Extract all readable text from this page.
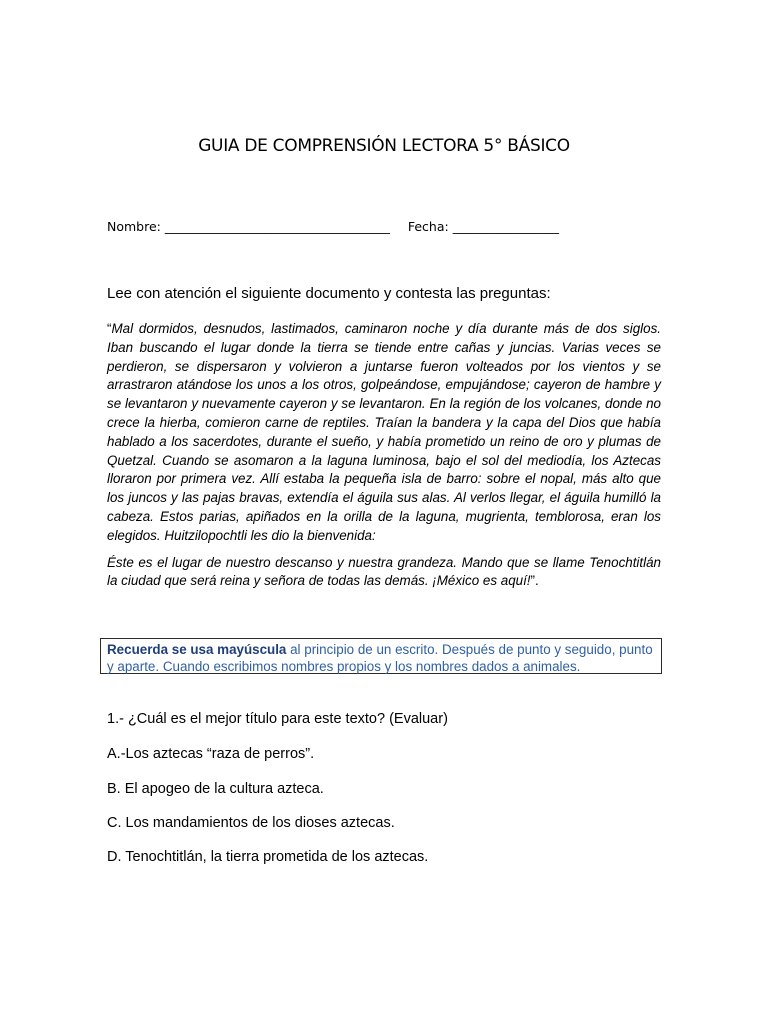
GUIA DE COMPRENSIÓN LECTORA 5° BÁSICO
Nombre: ____________________________________ Fecha: _________________
Lee con atención el siguiente documento y contesta las preguntas:

“Mal dormidos, desnudos, lastimados, caminaron noche y día durante más de dos siglos. Iban buscando el lugar donde la tierra se tiende entre cañas y juncias. Varias veces se perdieron, se dispersaron y volvieron a juntarse fueron volteados por los vientos y se arrastraron atándose los unos a los otros, golpeándose, empujándose; cayeron de hambre y se levantaron y nuevamente cayeron y se levantaron. En la región de los volcanes, donde no crece la hierba, comieron carne de reptiles. Traían la bandera y la capa del Dios que había hablado a los sacerdotes, durante el sueño, y había prometido un reino de oro y plumas de Quetzal. Cuando se asomaron a la laguna luminosa, bajo el sol del mediodía, los Aztecas lloraron por primera vez. Allí estaba la pequeña isla de barro: sobre el nopal, más alto que los juncos y las pajas bravas, extendía el águila sus alas. Al verlos llegar, el águila humilló la cabeza. Estos parias, apiñados en la orilla de la laguna, mugrienta, temblorosa, eran los elegidos. Huitzilopochtli les dio la bienvenida:

Éste es el lugar de nuestro descanso y nuestra grandeza. Mando que se llame Tenochtitlán la ciudad que será reina y señora de todas las demás. ¡México es aquí!”.

Recuerda se usa mayúscula al principio de un escrito. Después de punto y seguido, punto y aparte. Cuando escribimos nombres propios y los nombres dados a animales.
1.- ¿Cuál es el mejor título para este texto? (Evaluar)
A.-Los aztecas “raza de perros”.
B. El apogeo de la cultura azteca.
C. Los mandamientos de los dioses aztecas.
D. Tenochtitlán, la tierra prometida de los aztecas.
